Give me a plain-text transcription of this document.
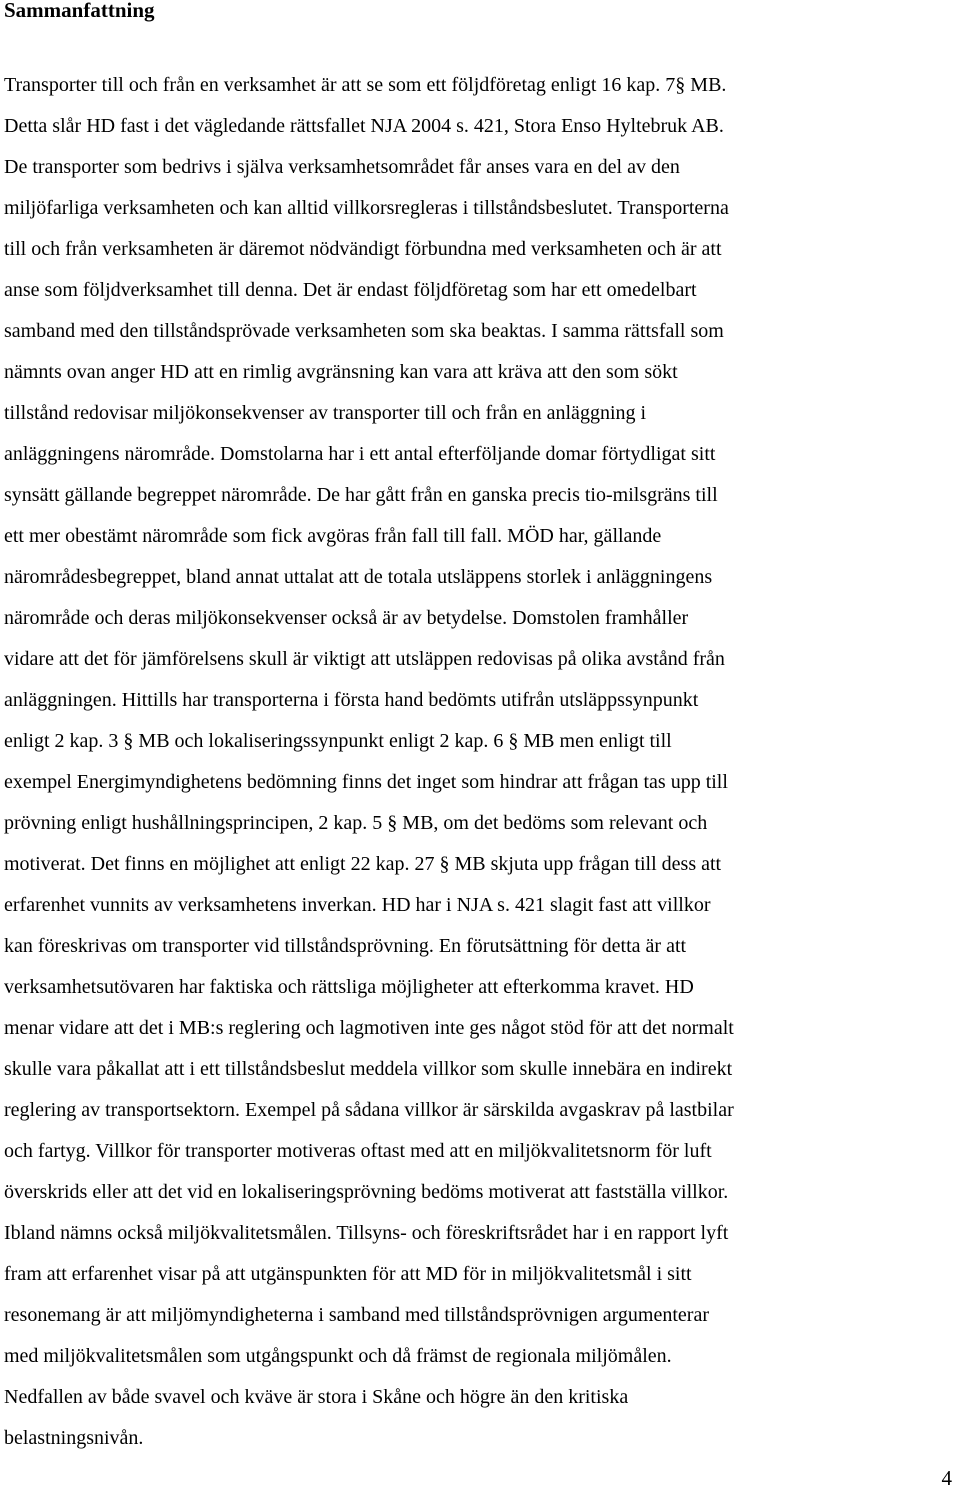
Sammanfattning
Transporter till och från en verksamhet är att se som ett följdföretag enligt 16 kap. 7§ MB.
Detta slår HD fast i det vägledande rättsfallet NJA 2004 s. 421, Stora Enso Hyltebruk AB.
De transporter som bedrivs i själva verksamhetsområdet får anses vara en del av den
miljöfarliga verksamheten och kan alltid villkorsregleras i tillståndsbeslutet. Transporterna
till och från verksamheten är däremot nödvändigt förbundna med verksamheten och är att
anse som följdverksamhet till denna. Det är endast följdföretag som har ett omedelbart
samband med den tillståndsprövade verksamheten som ska beaktas. I samma rättsfall som
nämnts ovan anger HD att en rimlig avgränsning kan vara att kräva att den som sökt
tillstånd redovisar miljökonsekvenser av transporter till och från en anläggning i
anläggningens närområde. Domstolarna har i ett antal efterföljande domar förtydligat sitt
synsätt gällande begreppet närområde. De har gått från en ganska precis tio-milsgräns till
ett mer obestämt närområde som fick avgöras från fall till fall. MÖD har, gällande
närområdesbegreppet, bland annat uttalat att de totala utsläppens storlek i anläggningens
närområde och deras miljökonsekvenser också är av betydelse. Domstolen framhåller
vidare att det för jämförelsens skull är viktigt att utsläppen redovisas på olika avstånd från
anläggningen. Hittills har transporterna i första hand bedömts utifrån utsläppssynpunkt
enligt 2 kap. 3 § MB och lokaliseringssynpunkt enligt 2 kap. 6 § MB men enligt till
exempel Energimyndighetens bedömning finns det inget som hindrar att frågan tas upp till
prövning enligt hushållningsprincipen, 2 kap. 5 § MB, om det bedöms som relevant och
motiverat. Det finns en möjlighet att enligt 22 kap. 27 § MB skjuta upp frågan till dess att
erfarenhet vunnits av verksamhetens inverkan. HD har i NJA s. 421 slagit fast att villkor
kan föreskrivas om transporter vid tillståndsprövning. En förutsättning för detta är att
verksamhetsutövaren har faktiska och rättsliga möjligheter att efterkomma kravet. HD
menar vidare att det i MB:s reglering och lagmotiven inte ges något stöd för att det normalt
skulle vara påkallat att i ett tillståndsbeslut meddela villkor som skulle innebära en indirekt
reglering av transportsektorn. Exempel på sådana villkor är särskilda avgaskrav på lastbilar
och fartyg. Villkor för transporter motiveras oftast med att en miljökvalitetsnorm för luft
överskrids eller att det vid en lokaliseringsprövning bedöms motiverat att fastställa villkor.
Ibland nämns också miljökvalitetsmålen. Tillsyns- och föreskriftsrådet har i en rapport lyft
fram att erfarenhet visar på att utgänspunkten för att MD för in miljökvalitetsmål i sitt
resonemang är att miljömyndigheterna i samband med tillståndsprövnigen argumenterar
med miljökvalitetsmålen som utgångspunkt och då främst de regionala miljömålen.
Nedfallen av både svavel och kväve är stora i Skåne och högre än den kritiska
belastningsnivån.
4
